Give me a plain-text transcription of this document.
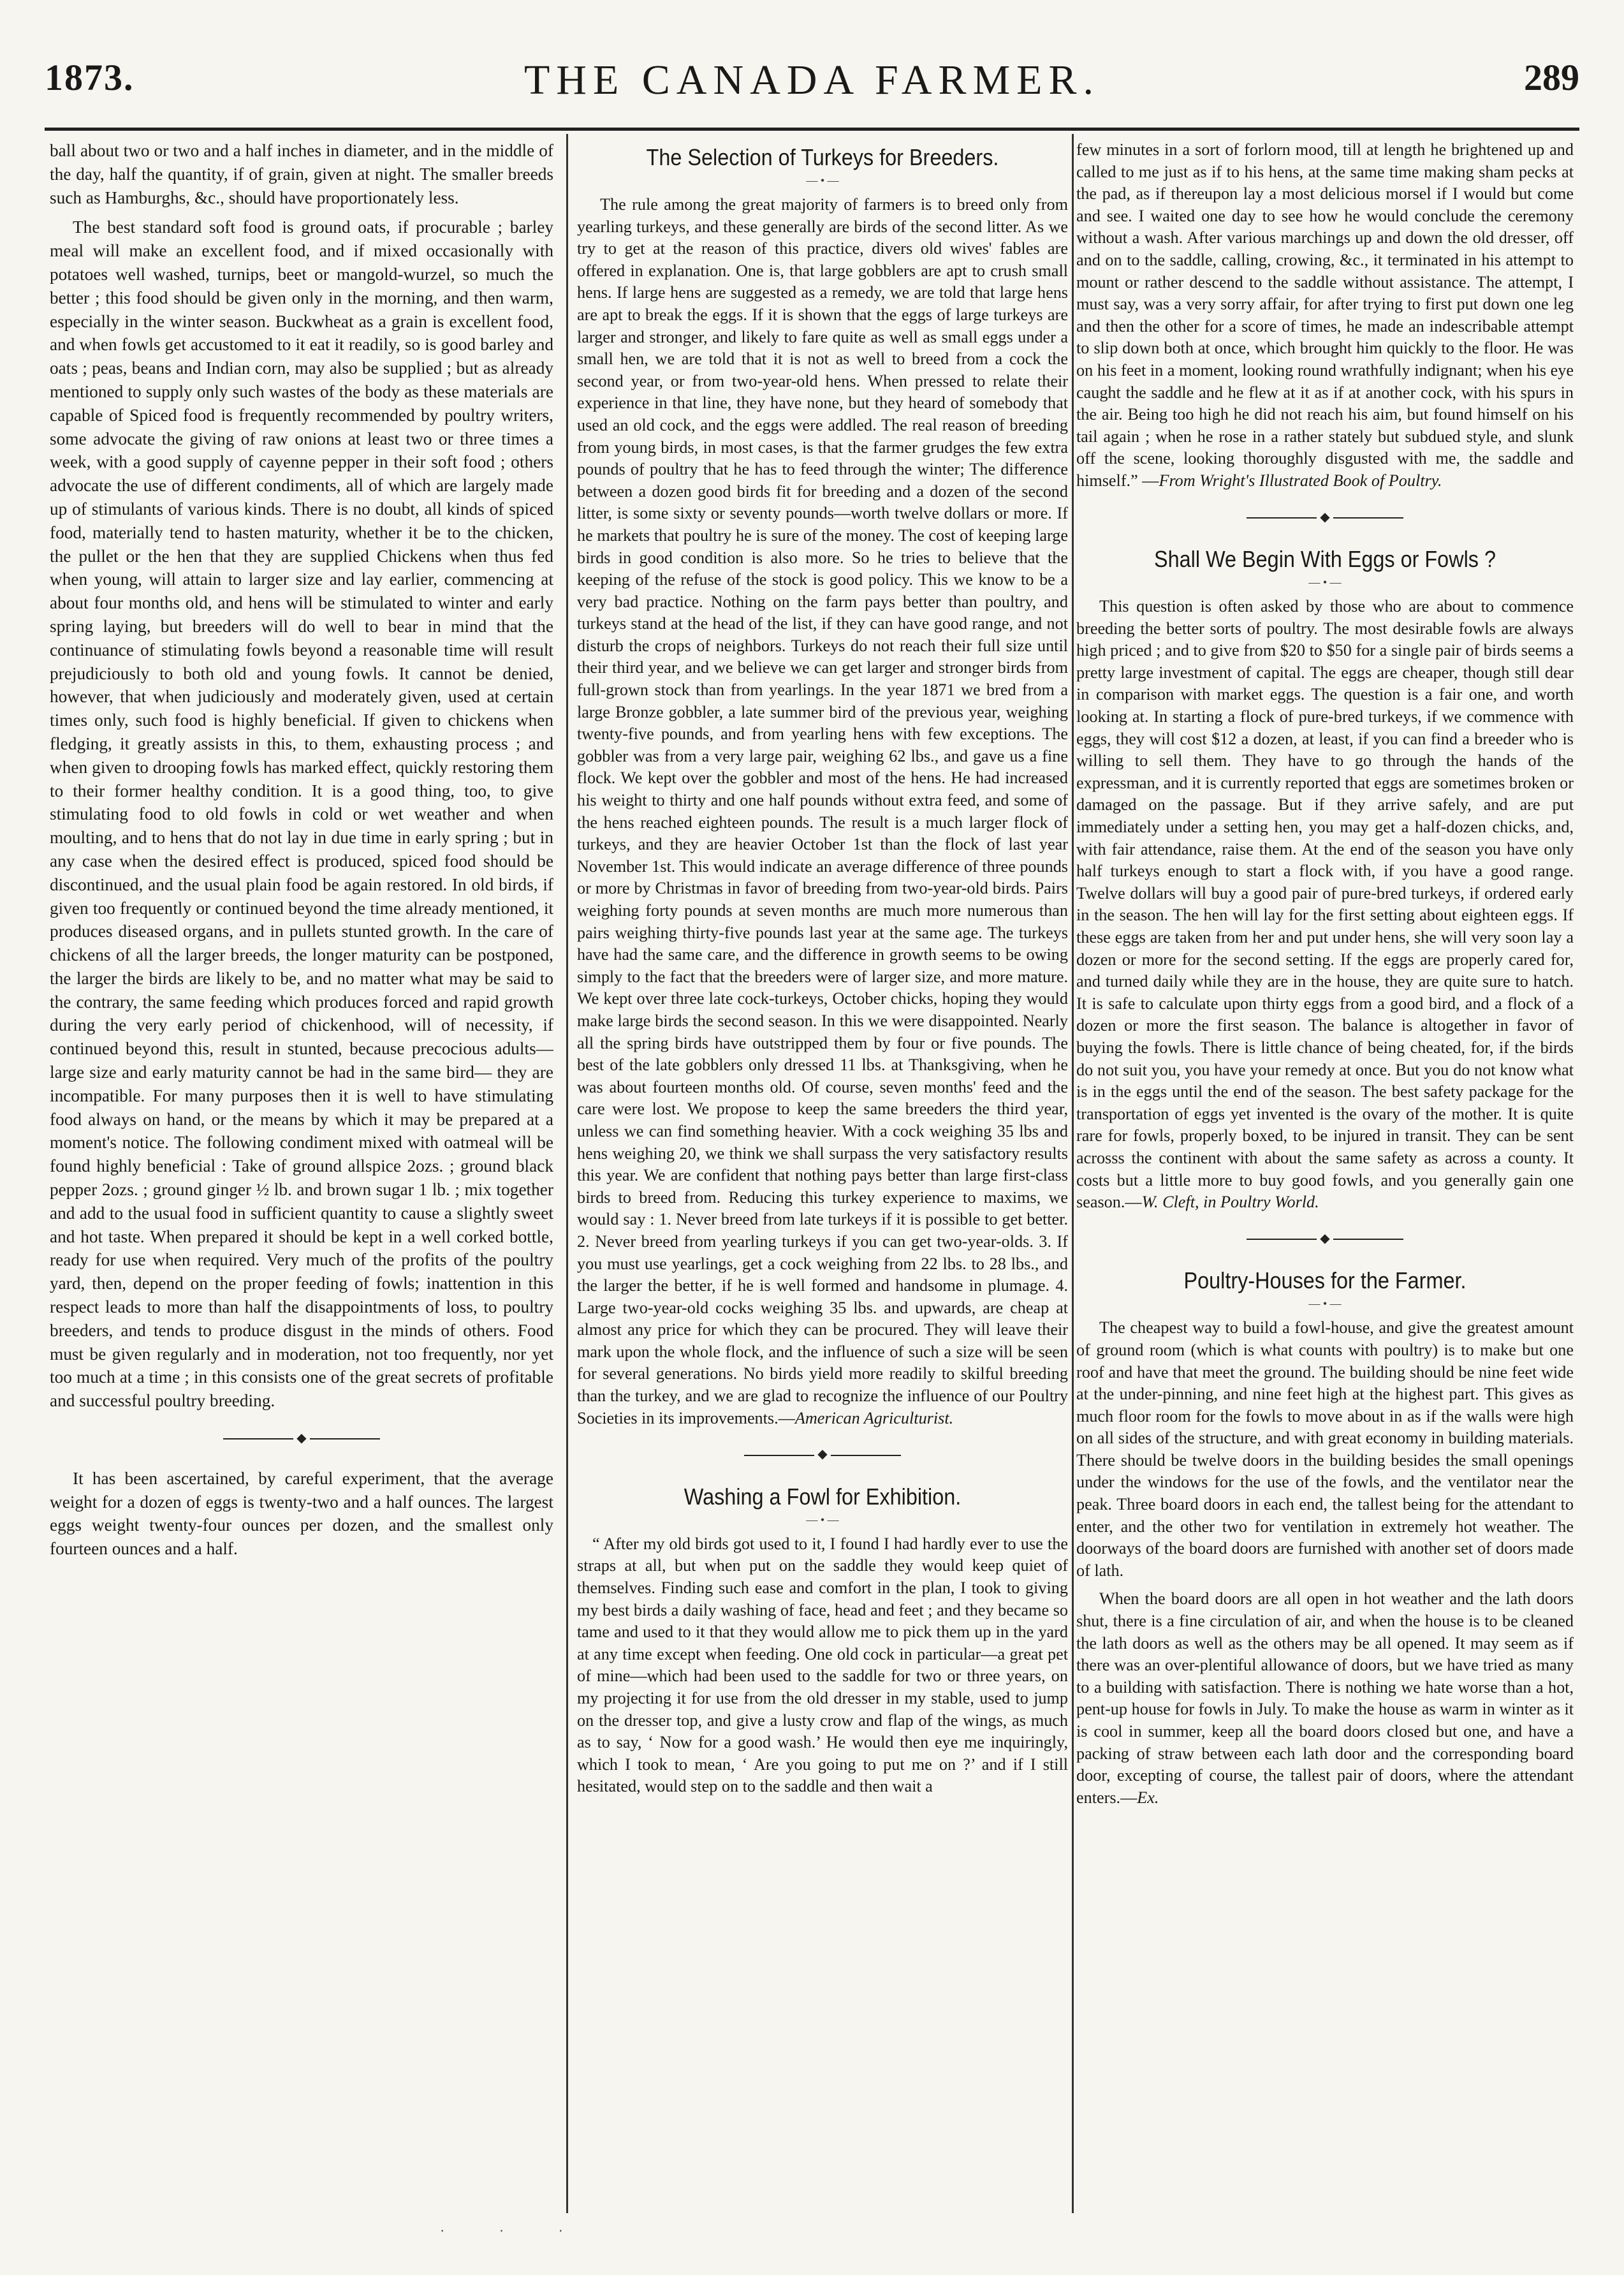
1873.	THE CANADA FARMER.	289

ball about two or two and a half inches in diameter, and in the middle of the day, half the quantity, if of grain, given at night. The smaller breeds such as Hamburghs, &c., should have proportionately less.

The best standard soft food is ground oats, if procurable ; barley meal will make an excellent food, and if mixed occasionally with potatoes well washed, turnips, beet or mangold-wurzel, so much the better ; this food should be given only in the morning, and then warm, especially in the winter season. Buckwheat as a grain is excellent food, and when fowls get accustomed to it eat it readily, so is good barley and oats ; peas, beans and Indian corn, may also be supplied ; but as already mentioned to supply only such wastes of the body as these materials are capable of Spiced food is frequently recommended by poultry writers, some advocate the giving of raw onions at least two or three times a week, with a good supply of cayenne pepper in their soft food ; others advocate the use of different condiments, all of which are largely made up of stimulants of various kinds. There is no doubt, all kinds of spiced food, materially tend to hasten maturity, whether it be to the chicken, the pullet or the hen that they are supplied Chickens when thus fed when young, will attain to larger size and lay earlier, commencing at about four months old, and hens will be stimulated to winter and early spring laying, but breeders will do well to bear in mind that the continuance of stimulating fowls beyond a reasonable time will result prejudiciously to both old and young fowls. It cannot be denied, however, that when judiciously and moderately given, used at certain times only, such food is highly beneficial. If given to chickens when fledging, it greatly assists in this, to them, exhausting process ; and when given to drooping fowls has marked effect, quickly restoring them to their former healthy condition. It is a good thing, too, to give stimulating food to old fowls in cold or wet weather and when moulting, and to hens that do not lay in due time in early spring ; but in any case when the desired effect is produced, spiced food should be discontinued, and the usual plain food be again restored. In old birds, if given too frequently or continued beyond the time already mentioned, it produces diseased organs, and in pullets stunted growth. In the care of chickens of all the larger breeds, the longer maturity can be postponed, the larger the birds are likely to be, and no matter what may be said to the contrary, the same feeding which produces forced and rapid growth during the very early period of chickenhood, will of necessity, if continued beyond this, result in stunted, because precocious adults— large size and early maturity cannot be had in the same bird— they are incompatible. For many purposes then it is well to have stimulating food always on hand, or the means by which it may be prepared at a moment's notice. The following condiment mixed with oatmeal will be found highly beneficial : Take of ground allspice 2ozs. ; ground black pepper 2ozs. ; ground ginger ½ lb. and brown sugar 1 lb. ; mix together and add to the usual food in sufficient quantity to cause a slightly sweet and hot taste. When prepared it should be kept in a well corked bottle, ready for use when required. Very much of the profits of the poultry yard, then, depend on the proper feeding of fowls; inattention in this respect leads to more than half the disappointments of loss, to poultry breeders, and tends to produce disgust in the minds of others. Food must be given regularly and in moderation, not too frequently, nor yet too much at a time ; in this consists one of the great secrets of profitable and successful poultry breeding.

◆

It has been ascertained, by careful experiment, that the average weight for a dozen of eggs is twenty-two and a half ounces. The largest eggs weight twenty-four ounces per dozen, and the smallest only fourteen ounces and a half.

The Selection of Turkeys for Breeders.
— • —

The rule among the great majority of farmers is to breed only from yearling turkeys, and these generally are birds of the second litter. As we try to get at the reason of this practice, divers old wives' fables are offered in explanation. One is, that large gobblers are apt to crush small hens. If large hens are suggested as a remedy, we are told that large hens are apt to break the eggs. If it is shown that the eggs of large turkeys are larger and stronger, and likely to fare quite as well as small eggs under a small hen, we are told that it is not as well to breed from a cock the second year, or from two-year-old hens. When pressed to relate their experience in that line, they have none, but they heard of somebody that used an old cock, and the eggs were addled. The real reason of breeding from young birds, in most cases, is that the farmer grudges the few extra pounds of poultry that he has to feed through the winter; The difference between a dozen good birds fit for breeding and a dozen of the second litter, is some sixty or seventy pounds—worth twelve dollars or more. If he markets that poultry he is sure of the money. The cost of keeping large birds in good condition is also more. So he tries to believe that the keeping of the refuse of the stock is good policy. This we know to be a very bad practice. Nothing on the farm pays better than poultry, and turkeys stand at the head of the list, if they can have good range, and not disturb the crops of neighbors. Turkeys do not reach their full size until their third year, and we believe we can get larger and stronger birds from full-grown stock than from yearlings. In the year 1871 we bred from a large Bronze gobbler, a late summer bird of the previous year, weighing twenty-five pounds, and from yearling hens with few exceptions. The gobbler was from a very large pair, weighing 62 lbs., and gave us a fine flock. We kept over the gobbler and most of the hens. He had increased his weight to thirty and one half pounds without extra feed, and some of the hens reached eighteen pounds. The result is a much larger flock of turkeys, and they are heavier October 1st than the flock of last year November 1st. This would indicate an average difference of three pounds or more by Christmas in favor of breeding from two-year-old birds. Pairs weighing forty pounds at seven months are much more numerous than pairs weighing thirty-five pounds last year at the same age. The turkeys have had the same care, and the difference in growth seems to be owing simply to the fact that the breeders were of larger size, and more mature. We kept over three late cock-turkeys, October chicks, hoping they would make large birds the second season. In this we were disappointed. Nearly all the spring birds have outstripped them by four or five pounds. The best of the late gobblers only dressed 11 lbs. at Thanksgiving, when he was about fourteen months old. Of course, seven months' feed and the care were lost. We propose to keep the same breeders the third year, unless we can find something heavier. With a cock weighing 35 lbs and hens weighing 20, we think we shall surpass the very satisfactory results this year. We are confident that nothing pays better than large first-class birds to breed from. Reducing this turkey experience to maxims, we would say : 1. Never breed from late turkeys if it is possible to get better. 2. Never breed from yearling turkeys if you can get two-year-olds. 3. If you must use yearlings, get a cock weighing from 22 lbs. to 28 lbs., and the larger the better, if he is well formed and handsome in plumage. 4. Large two-year-old cocks weighing 35 lbs. and upwards, are cheap at almost any price for which they can be procured. They will leave their mark upon the whole flock, and the influence of such a size will be seen for several generations. No birds yield more readily to skilful breeding than the turkey, and we are glad to recognize the influence of our Poultry Societies in its improvements.—American Agriculturist.

◆
Washing a Fowl for Exhibition.
— • —

“ After my old birds got used to it, I found I had hardly ever to use the straps at all, but when put on the saddle they would keep quiet of themselves. Finding such ease and comfort in the plan, I took to giving my best birds a daily washing of face, head and feet ; and they became so tame and used to it that they would allow me to pick them up in the yard at any time except when feeding. One old cock in particular—a great pet of mine—which had been used to the saddle for two or three years, on my projecting it for use from the old dresser in my stable, used to jump on the dresser top, and give a lusty crow and flap of the wings, as much as to say, ‘ Now for a good wash.’ He would then eye me inquiringly, which I took to mean, ‘ Are you going to put me on ?’ and if I still hesitated, would step on to the saddle and then wait a

few minutes in a sort of forlorn mood, till at length he brightened up and called to me just as if to his hens, at the same time making sham pecks at the pad, as if thereupon lay a most delicious morsel if I would but come and see. I waited one day to see how he would conclude the ceremony without a wash. After various marchings up and down the old dresser, off and on to the saddle, calling, crowing, &c., it terminated in his attempt to mount or rather descend to the saddle without assistance. The attempt, I must say, was a very sorry affair, for after trying to first put down one leg and then the other for a score of times, he made an indescribable attempt to slip down both at once, which brought him quickly to the floor. He was on his feet in a moment, looking round wrathfully indignant; when his eye caught the saddle and he flew at it as if at another cock, with his spurs in the air. Being too high he did not reach his aim, but found himself on his tail again ; when he rose in a rather stately but subdued style, and slunk off the scene, looking thoroughly disgusted with me, the saddle and himself.” —From Wright's Illustrated Book of Poultry.

◆
Shall We Begin With Eggs or Fowls ?
— • —

This question is often asked by those who are about to commence breeding the better sorts of poultry. The most desirable fowls are always high priced ; and to give from $20 to $50 for a single pair of birds seems a pretty large investment of capital. The eggs are cheaper, though still dear in comparison with market eggs. The question is a fair one, and worth looking at. In starting a flock of pure-bred turkeys, if we commence with eggs, they will cost $12 a dozen, at least, if you can find a breeder who is willing to sell them. They have to go through the hands of the expressman, and it is currently reported that eggs are sometimes broken or damaged on the passage. But if they arrive safely, and are put immediately under a setting hen, you may get a half-dozen chicks, and, with fair attendance, raise them. At the end of the season you have only half turkeys enough to start a flock with, if you have a good range. Twelve dollars will buy a good pair of pure-bred turkeys, if ordered early in the season. The hen will lay for the first setting about eighteen eggs. If these eggs are taken from her and put under hens, she will very soon lay a dozen or more for the second setting. If the eggs are properly cared for, and turned daily while they are in the house, they are quite sure to hatch. It is safe to calculate upon thirty eggs from a good bird, and a flock of a dozen or more the first season. The balance is altogether in favor of buying the fowls. There is little chance of being cheated, for, if the birds do not suit you, you have your remedy at once. But you do not know what is in the eggs until the end of the season. The best safety package for the transportation of eggs yet invented is the ovary of the mother. It is quite rare for fowls, properly boxed, to be injured in transit. They can be sent acrosss the continent with about the same safety as across a county. It costs but a little more to buy good fowls, and you generally gain one season.—W. Cleft, in Poultry World.

◆
Poultry-Houses for the Farmer.
— • —

The cheapest way to build a fowl-house, and give the greatest amount of ground room (which is what counts with poultry) is to make but one roof and have that meet the ground. The building should be nine feet wide at the under-pinning, and nine feet high at the highest part. This gives as much floor room for the fowls to move about in as if the walls were high on all sides of the structure, and with great economy in building materials. There should be twelve doors in the building besides the small openings under the windows for the use of the fowls, and the ventilator near the peak. Three board doors in each end, the tallest being for the attendant to enter, and the other two for ventilation in extremely hot weather. The doorways of the board doors are furnished with another set of doors made of lath.

When the board doors are all open in hot weather and the lath doors shut, there is a fine circulation of air, and when the house is to be cleaned the lath doors as well as the others may be all opened. It may seem as if there was an over-plentiful allowance of doors, but we have tried as many to a building with satisfaction. There is nothing we hate worse than a hot, pent-up house for fowls in July. To make the house as warm in winter as it is cool in summer, keep all the board doors closed but one, and have a packing of straw between each lath door and the corresponding board door, excepting of course, the tallest pair of doors, where the attendant enters.—Ex.

· · ·
